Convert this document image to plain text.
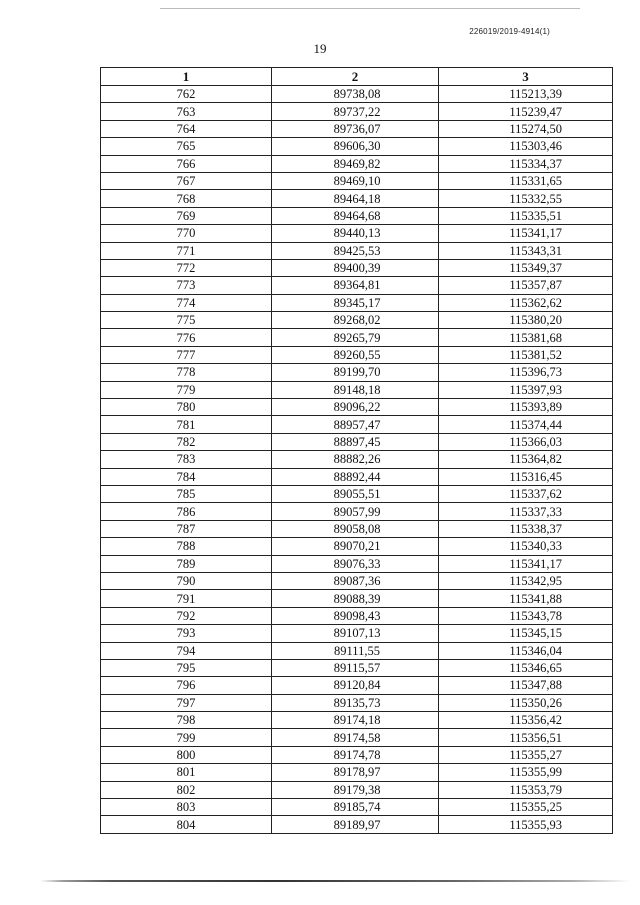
226019/2019-4914(1)
19
1	2	3
762	89738,08	115213,39
763	89737,22	115239,47
764	89736,07	115274,50
765	89606,30	115303,46
766	89469,82	115334,37
767	89469,10	115331,65
768	89464,18	115332,55
769	89464,68	115335,51
770	89440,13	115341,17
771	89425,53	115343,31
772	89400,39	115349,37
773	89364,81	115357,87
774	89345,17	115362,62
775	89268,02	115380,20
776	89265,79	115381,68
777	89260,55	115381,52
778	89199,70	115396,73
779	89148,18	115397,93
780	89096,22	115393,89
781	88957,47	115374,44
782	88897,45	115366,03
783	88882,26	115364,82
784	88892,44	115316,45
785	89055,51	115337,62
786	89057,99	115337,33
787	89058,08	115338,37
788	89070,21	115340,33
789	89076,33	115341,17
790	89087,36	115342,95
791	89088,39	115341,88
792	89098,43	115343,78
793	89107,13	115345,15
794	89111,55	115346,04
795	89115,57	115346,65
796	89120,84	115347,88
797	89135,73	115350,26
798	89174,18	115356,42
799	89174,58	115356,51
800	89174,78	115355,27
801	89178,97	115355,99
802	89179,38	115353,79
803	89185,74	115355,25
804	89189,97	115355,93
